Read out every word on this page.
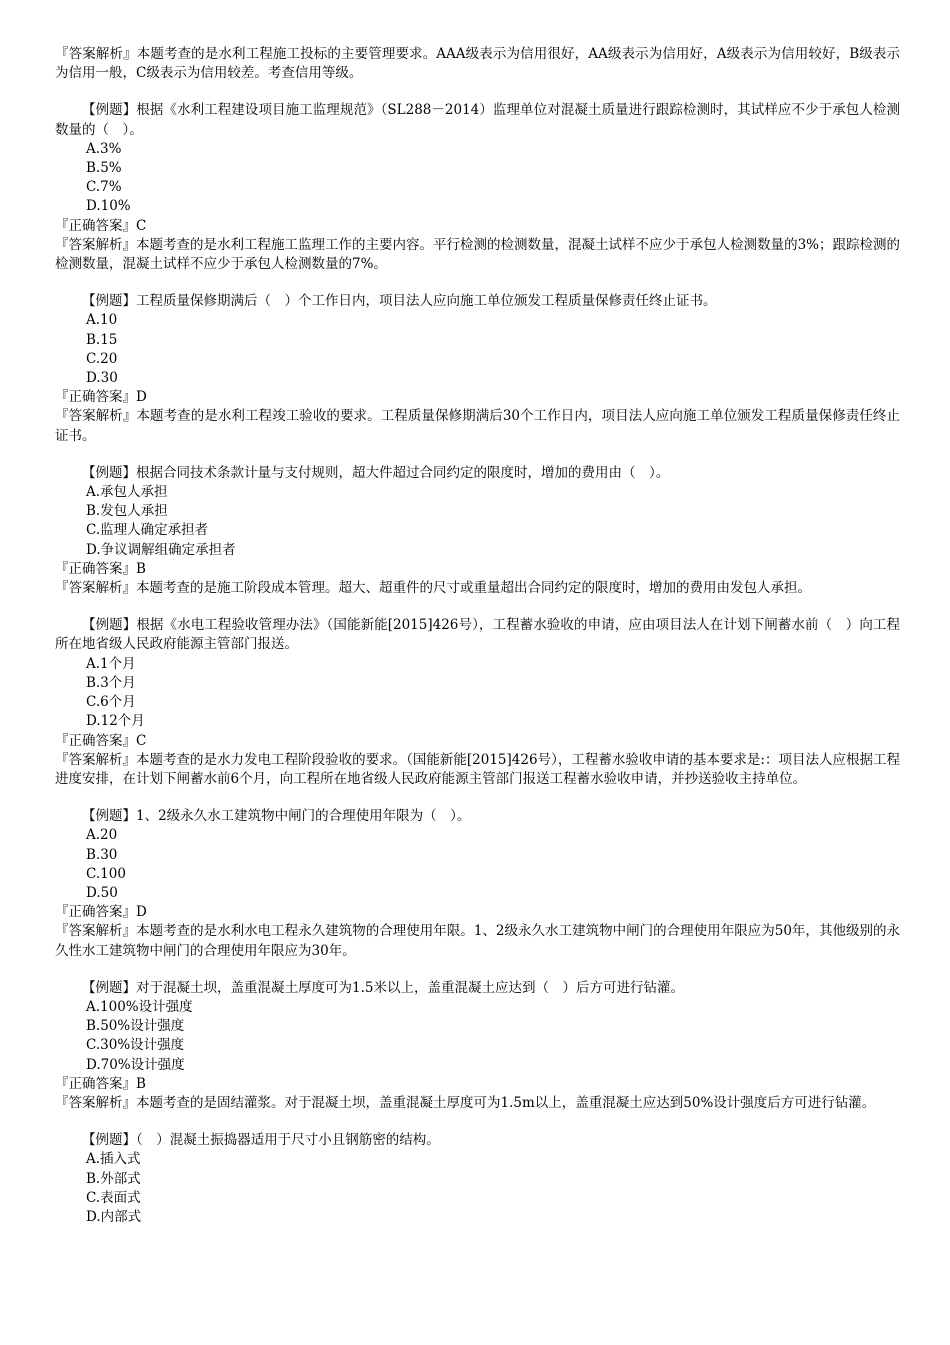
『答案解析』本题考查的是水利工程施工投标的主要管理要求。AAA级表示为信用很好，AA级表示为信用好，A级表示为信用较好，B级表示为信用一般，C级表示为信用较差。考查信用等级。

【例题】根据《水利工程建设项目施工监理规范》（SL288－2014）监理单位对混凝土质量进行跟踪检测时，其试样应不少于承包人检测数量的（　）。

A.3%

B.5%

C.7%

D.10%

『正确答案』C

『答案解析』本题考查的是水利工程施工监理工作的主要内容。平行检测的检测数量，混凝土试样不应少于承包人检测数量的3%；跟踪检测的检测数量，混凝土试样不应少于承包人检测数量的7%。

【例题】工程质量保修期满后（　）个工作日内，项目法人应向施工单位颁发工程质量保修责任终止证书。

A.10

B.15

C.20

D.30

『正确答案』D

『答案解析』本题考查的是水利工程竣工验收的要求。工程质量保修期满后30个工作日内，项目法人应向施工单位颁发工程质量保修责任终止证书。

【例题】根据合同技术条款计量与支付规则，超大件超过合同约定的限度时，增加的费用由（　）。

A.承包人承担

B.发包人承担

C.监理人确定承担者

D.争议调解组确定承担者

『正确答案』B

『答案解析』本题考查的是施工阶段成本管理。超大、超重件的尺寸或重量超出合同约定的限度时，增加的费用由发包人承担。

【例题】根据《水电工程验收管理办法》（国能新能[2015]426号），工程蓄水验收的申请，应由项目法人在计划下闸蓄水前（　）向工程所在地省级人民政府能源主管部门报送。

A.1个月

B.3个月

C.6个月

D.12个月

『正确答案』C

『答案解析』本题考查的是水力发电工程阶段验收的要求。（国能新能[2015]426号），工程蓄水验收申请的基本要求是:：项目法人应根据工程进度安排，在计划下闸蓄水前6个月，向工程所在地省级人民政府能源主管部门报送工程蓄水验收申请，并抄送验收主持单位。

【例题】1、2级永久水工建筑物中闸门的合理使用年限为（　）。

A.20

B.30

C.100

D.50

『正确答案』D

『答案解析』本题考查的是水利水电工程永久建筑物的合理使用年限。1、2级永久水工建筑物中闸门的合理使用年限应为50年，其他级别的永久性水工建筑物中闸门的合理使用年限应为30年。

【例题】对于混凝土坝，盖重混凝土厚度可为1.5米以上，盖重混凝土应达到（　）后方可进行钻灌。

A.100%设计强度

B.50%设计强度

C.30%设计强度

D.70%设计强度

『正确答案』B

『答案解析』本题考查的是固结灌浆。对于混凝土坝，盖重混凝土厚度可为1.5m以上，盖重混凝土应达到50%设计强度后方可进行钻灌。

【例题】（　）混凝土振捣器适用于尺寸小且钢筋密的结构。

A.插入式

B.外部式

C.表面式

D.内部式
